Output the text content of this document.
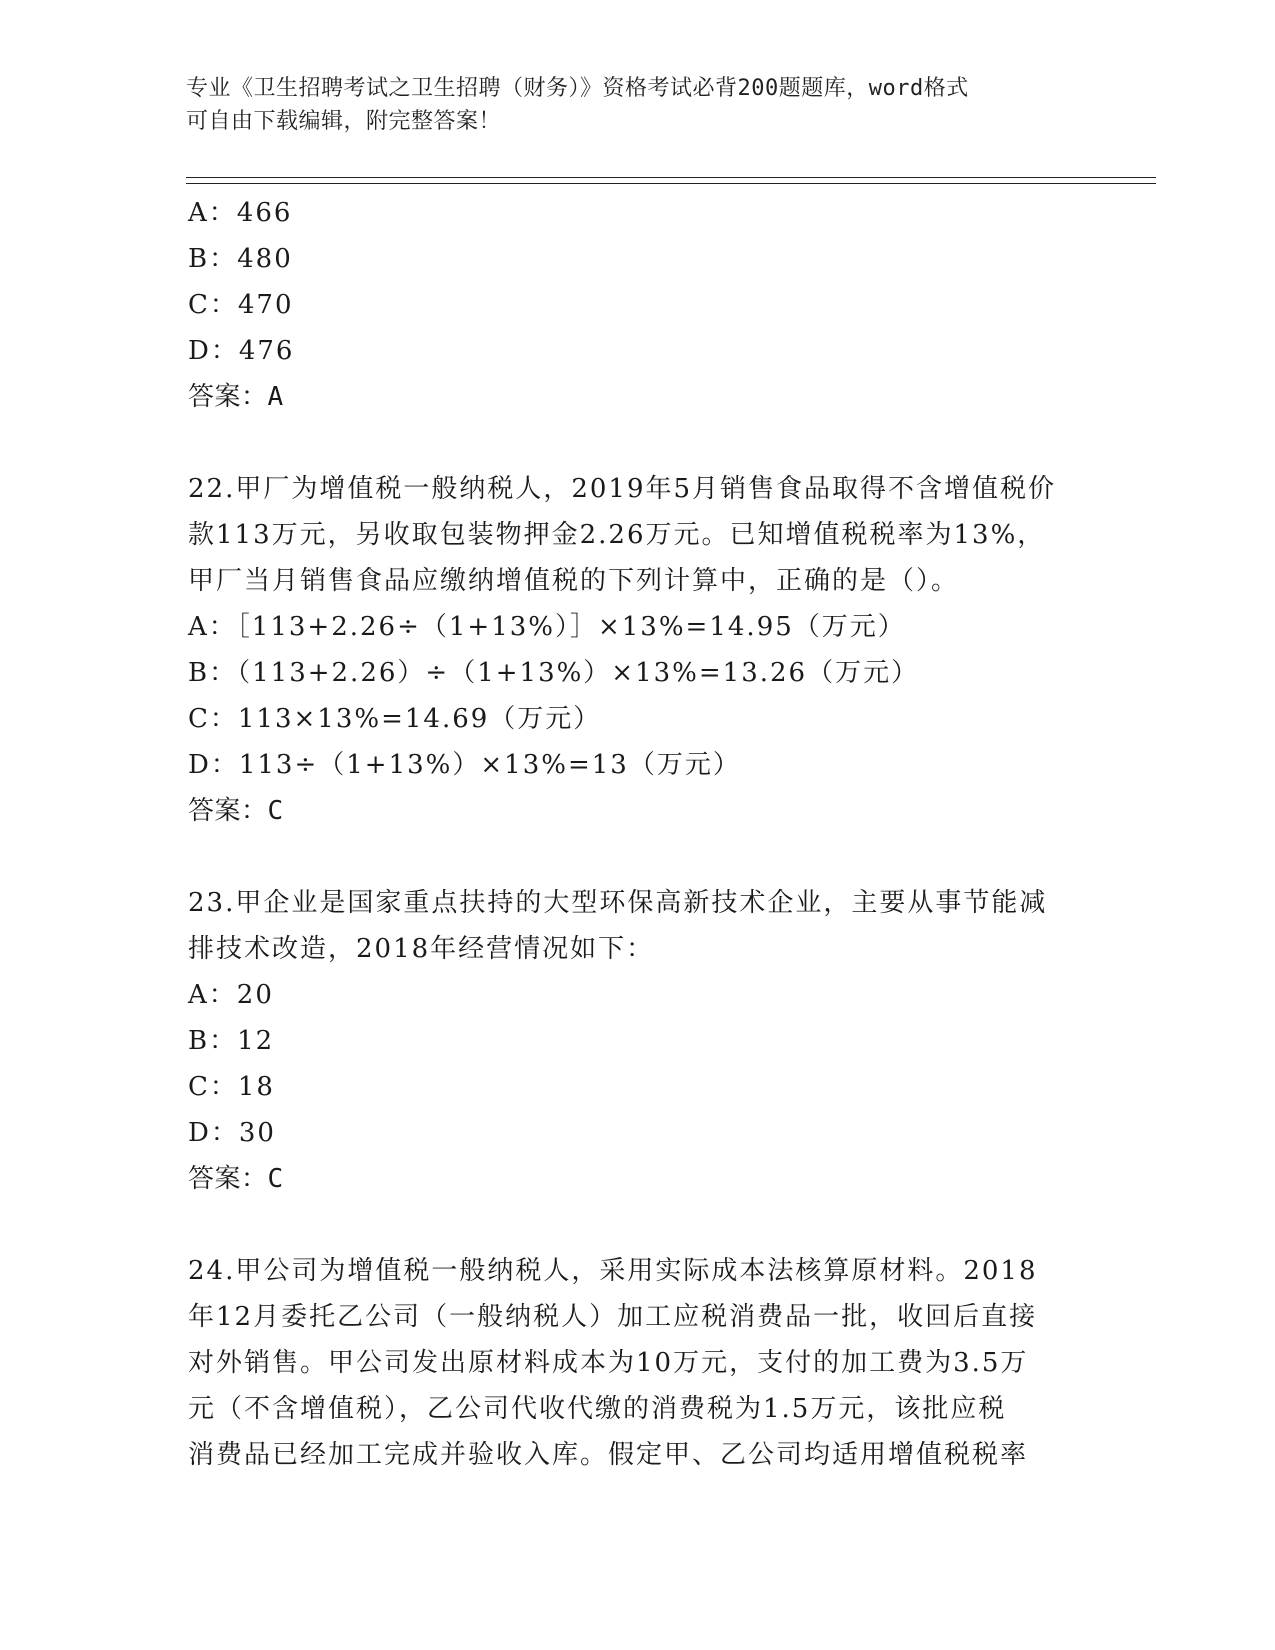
专业《卫生招聘考试之卫生招聘（财务）》资格考试必背200题题库，word格式
可自由下载编辑，附完整答案！
A：466
B：480
C：470
D：476
答案：A
22.甲厂为增值税一般纳税人，2019年5月销售食品取得不含增值税价
款113万元，另收取包装物押金2.26万元。已知增值税税率为13%，
甲厂当月销售食品应缴纳增值税的下列计算中，正确的是（）。
A：［113+2.26÷（1+13%）］×13%=14.95（万元）
B：（113+2.26）÷（1+13%）×13%=13.26（万元）
C：113×13%=14.69（万元）
D：113÷（1+13%）×13%=13（万元）
答案：C
23.甲企业是国家重点扶持的大型环保高新技术企业，主要从事节能减
排技术改造，2018年经营情况如下：
A：20
B：12
C：18
D：30
答案：C
24.甲公司为增值税一般纳税人，采用实际成本法核算原材料。2018
年12月委托乙公司（一般纳税人）加工应税消费品一批，收回后直接
对外销售。甲公司发出原材料成本为10万元，支付的加工费为3.5万
元（不含增值税），乙公司代收代缴的消费税为1.5万元，该批应税
消费品已经加工完成并验收入库。假定甲、乙公司均适用增值税税率
